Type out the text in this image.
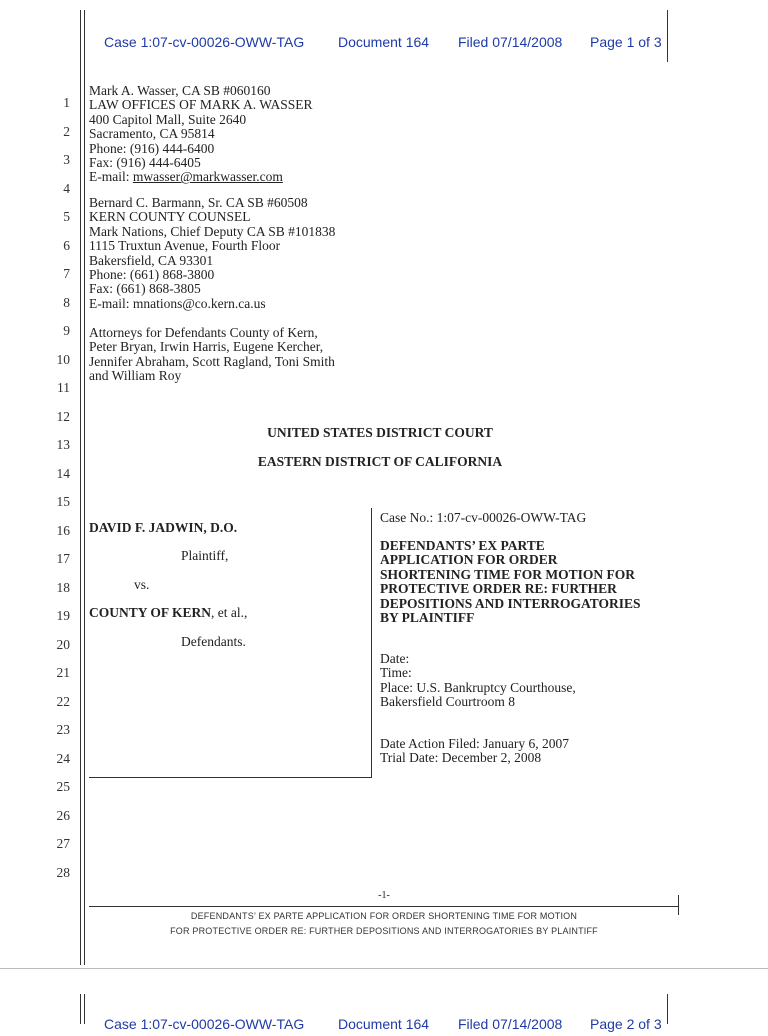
Case 1:07-cv-00026-OWW-TAG Document 164 Filed 07/14/2008 Page 1 of 3
1
2
3
4
5
6
7
8
9
10
11
12
13
14
15
16
17
18
19
20
21
22
23
24
25
26
27
28
Mark A. Wasser, CA SB #060160
LAW OFFICES OF MARK A. WASSER
400 Capitol Mall, Suite 2640
Sacramento, CA 95814
Phone: (916) 444-6400
Fax: (916) 444-6405
E-mail: mwasser@markwasser.com
Bernard C. Barmann, Sr. CA SB #60508
KERN COUNTY COUNSEL
Mark Nations, Chief Deputy CA SB #101838
1115 Truxtun Avenue, Fourth Floor
Bakersfield, CA 93301
Phone: (661) 868-3800
Fax: (661) 868-3805
E-mail: mnations@co.kern.ca.us
Attorneys for Defendants County of Kern,
Peter Bryan, Irwin Harris, Eugene Kercher,
Jennifer Abraham, Scott Ragland, Toni Smith
and William Roy
UNITED STATES DISTRICT COURT
EASTERN DISTRICT OF CALIFORNIA
DAVID F. JADWIN, D.O.
Plaintiff,
vs.
COUNTY OF KERN, et al.,
Defendants.
Case No.: 1:07-cv-00026-OWW-TAG
DEFENDANTS’ EX PARTE
APPLICATION FOR ORDER
SHORTENING TIME FOR MOTION FOR
PROTECTIVE ORDER RE: FURTHER
DEPOSITIONS AND INTERROGATORIES
BY PLAINTIFF
Date:
Time:
Place: U.S. Bankruptcy Courthouse,
Bakersfield Courtroom 8
Date Action Filed: January 6, 2007
Trial Date: December 2, 2008
-1-
DEFENDANTS’ EX PARTE APPLICATION FOR ORDER SHORTENING TIME FOR MOTION
FOR PROTECTIVE ORDER RE: FURTHER DEPOSITIONS AND INTERROGATORIES BY PLAINTIFF
Case 1:07-cv-00026-OWW-TAG Document 164 Filed 07/14/2008 Page 2 of 3
